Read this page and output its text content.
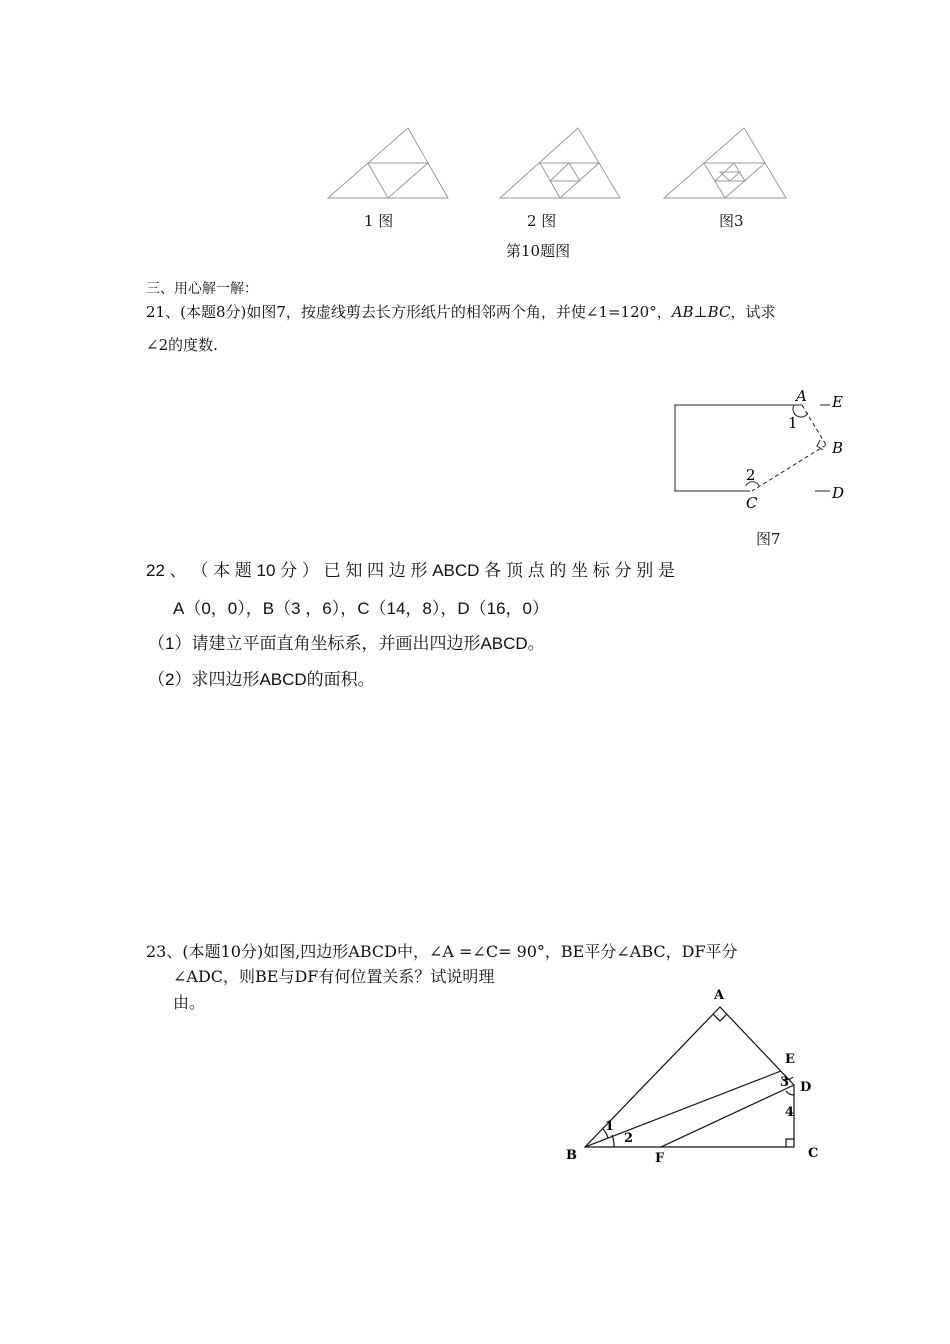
1 图	2 图	图3
第10题图
三、用心解一解：
21、(本题8分)如图7，按虚线剪去长方形纸片的相邻两个角，并使∠1=120°，AB⊥BC，试求
∠2的度数.
A E
1
B
2
C
D
图7
22 、 （ 本 题 10 分 ） 已 知 四 边 形 ABCD 各 顶 点 的 坐 标 分 别 是
A（0，0），B（3 ，6），C（14，8），D（16，0）
（1）请建立平面直角坐标系，并画出四边形ABCD。
（2）求四边形ABCD的面积。
23、(本题10分)如图,四边形ABCD中，∠A =∠C= 90°，BE平分∠ABC，DF平分
∠ADC，则BE与DF有何位置关系？试说明理
由。	A
E
D
3
4
1
2
B	F	C
